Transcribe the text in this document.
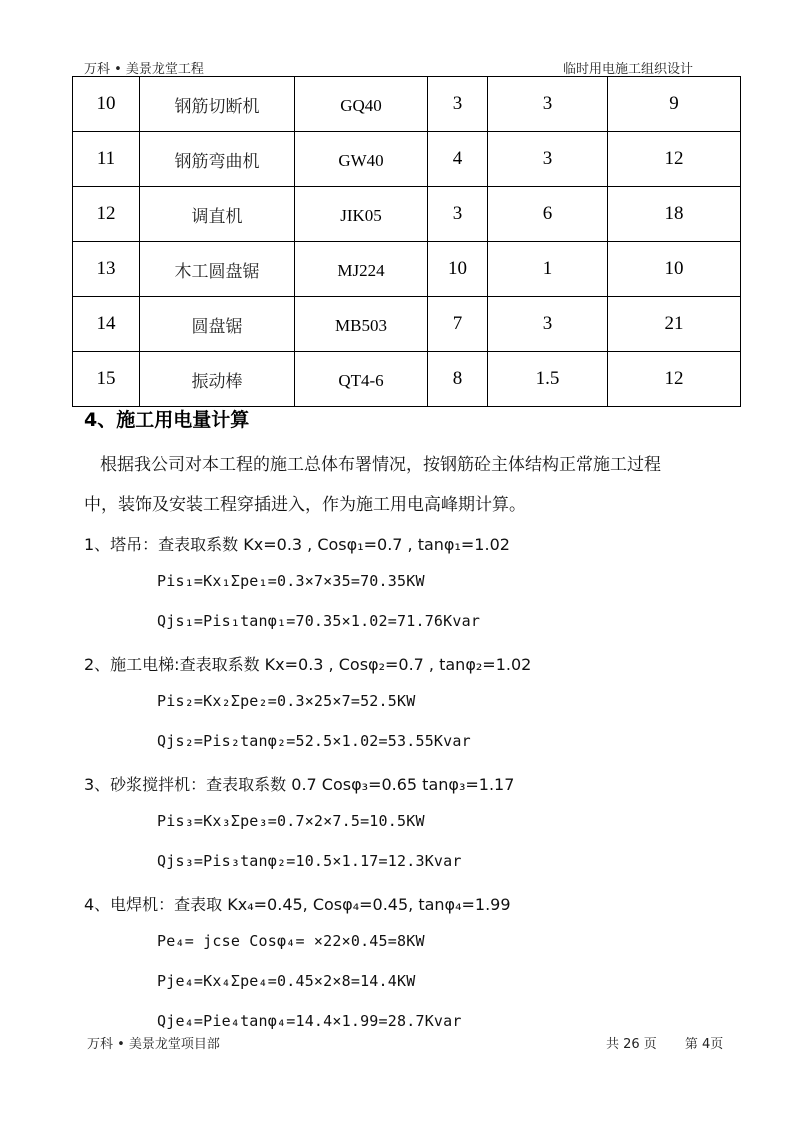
万科 • 美景龙堂工程	临时用电施工组织设计
10	钢筋切断机	GQ40	3	3	9
11	钢筋弯曲机	GW40	4	3	12
12	调直机	JIK05	3	6	18
13	木工圆盘锯	MJ224	10	1	10
14	圆盘锯	MB503	7	3	21
15	振动棒	QT4-6	8	1.5	12
4、施工用电量计算
根据我公司对本工程的施工总体布署情况，按钢筋砼主体结构正常施工过程
中，装饰及安装工程穿插进入，作为施工用电高峰期计算。
1、塔吊：查表取系数 Kx=0.3 , Cosφ₁=0.7 , tanφ₁=1.02
Pis₁=Kx₁Σpe₁=0.3×7×35=70.35KW
Qjs₁=Pis₁tanφ₁=70.35×1.02=71.76Kvar
2、施工电梯:查表取系数 Kx=0.3 , Cosφ₂=0.7 , tanφ₂=1.02
Pis₂=Kx₂Σpe₂=0.3×25×7=52.5KW
Qjs₂=Pis₂tanφ₂=52.5×1.02=53.55Kvar
3、砂浆搅拌机：查表取系数 0.7 Cosφ₃=0.65 tanφ₃=1.17
Pis₃=Kx₃Σpe₃=0.7×2×7.5=10.5KW
Qjs₃=Pis₃tanφ₂=10.5×1.17=12.3Kvar
4、电焊机：查表取 Kx₄=0.45, Cosφ₄=0.45, tanφ₄=1.99
Pe₄= jcse Cosφ₄= ×22×0.45=8KW
Pje₄=Kx₄Σpe₄=0.45×2×8=14.4KW
Qje₄=Pie₄tanφ₄=14.4×1.99=28.7Kvar
万科 • 美景龙堂项目部	共 26 页 第 4页
